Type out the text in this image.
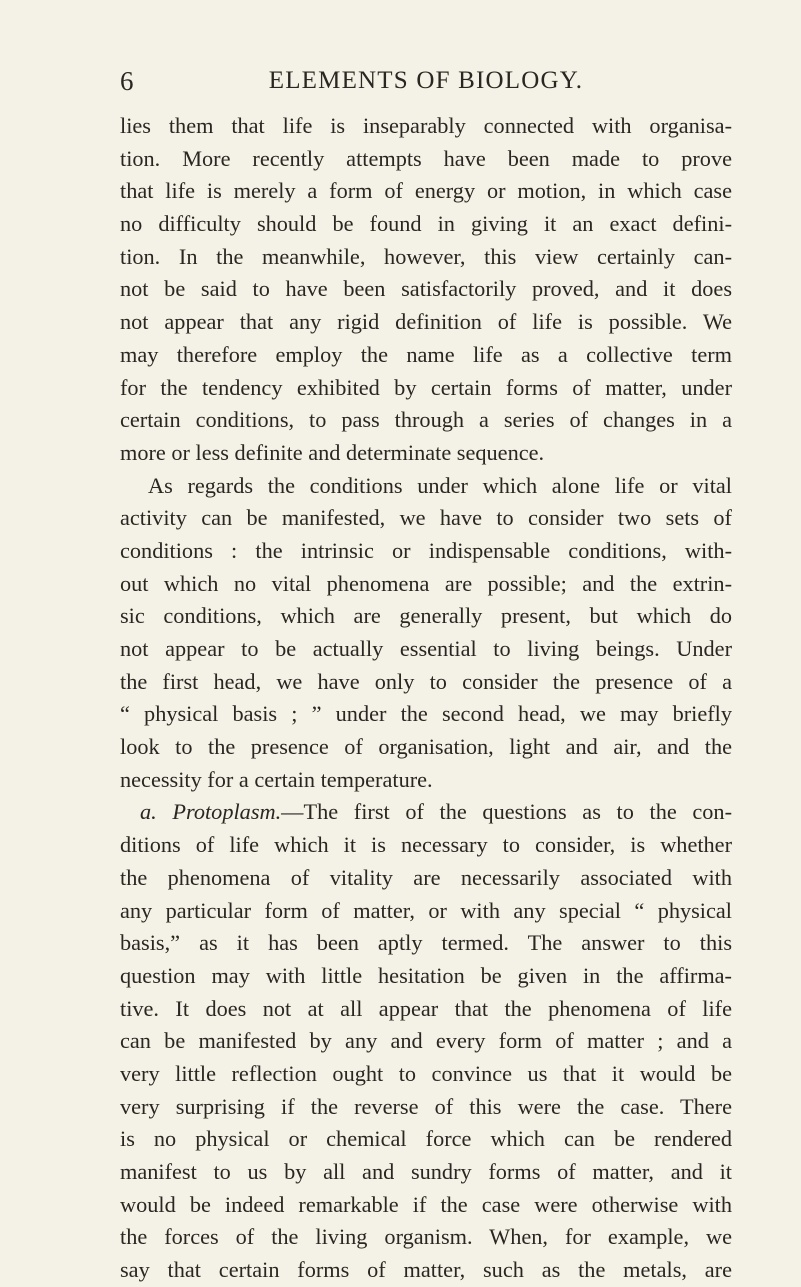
6	ELEMENTS OF BIOLOGY.
lies them that life is inseparably connected with organisa-
tion. More recently attempts have been made to prove
that life is merely a form of energy or motion, in which case
no difficulty should be found in giving it an exact defini-
tion. In the meanwhile, however, this view certainly can-
not be said to have been satisfactorily proved, and it does
not appear that any rigid definition of life is possible. We
may therefore employ the name life as a collective term
for the tendency exhibited by certain forms of matter, under
certain conditions, to pass through a series of changes in a
more or less definite and determinate sequence.
As regards the conditions under which alone life or vital
activity can be manifested, we have to consider two sets of
conditions : the intrinsic or indispensable conditions, with-
out which no vital phenomena are possible; and the extrin-
sic conditions, which are generally present, but which do
not appear to be actually essential to living beings. Under
the first head, we have only to consider the presence of a
“ physical basis ; ” under the second head, we may briefly
look to the presence of organisation, light and air, and the
necessity for a certain temperature.
a. Protoplasm.—The first of the questions as to the con-
ditions of life which it is necessary to consider, is whether
the phenomena of vitality are necessarily associated with
any particular form of matter, or with any special “ physical
basis,” as it has been aptly termed. The answer to this
question may with little hesitation be given in the affirma-
tive. It does not at all appear that the phenomena of life
can be manifested by any and every form of matter ; and a
very little reflection ought to convince us that it would be
very surprising if the reverse of this were the case. There
is no physical or chemical force which can be rendered
manifest to us by all and sundry forms of matter, and it
would be indeed remarkable if the case were otherwise with
the forces of the living organism. When, for example, we
say that certain forms of matter, such as the metals, are
